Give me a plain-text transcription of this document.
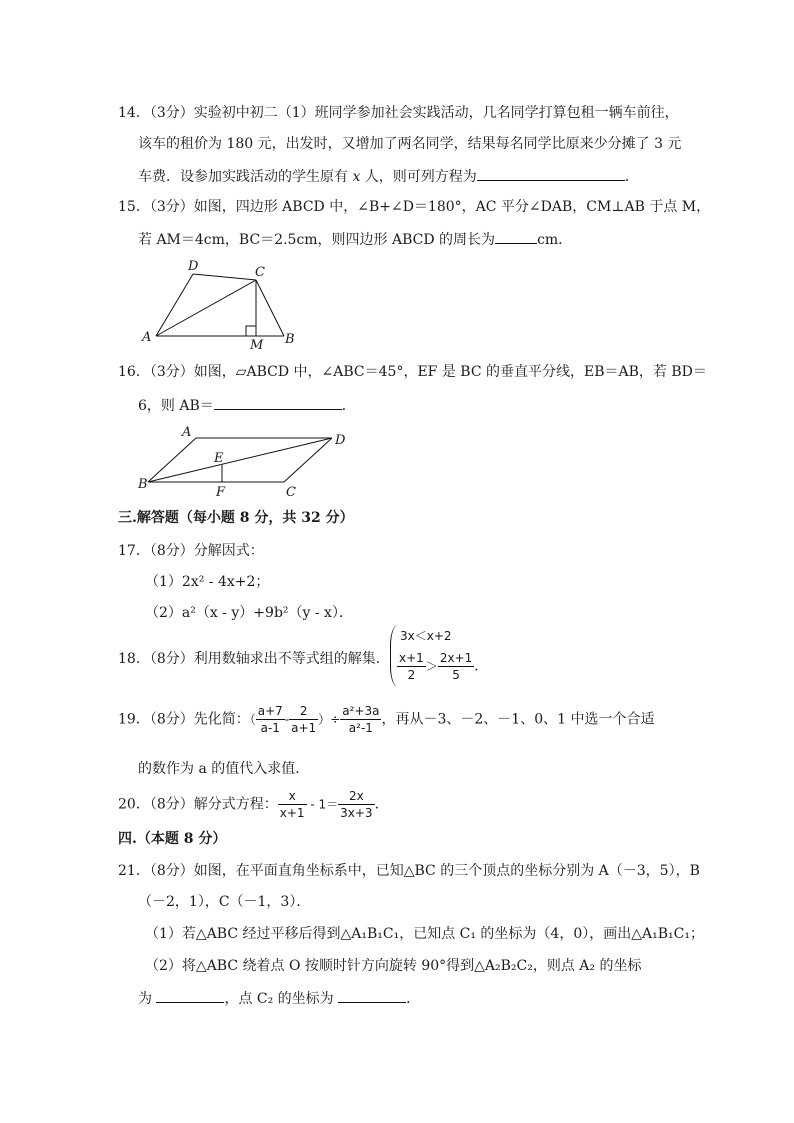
14．（3分）实验初中初二（1）班同学参加社会实践活动，几名同学打算包租一辆车前往，
该车的租价为 180 元，出发时，又增加了两名同学，结果每名同学比原来少分摊了 3 元
车费．设参加实践活动的学生原有 x 人，则可列方程为	．
15．（3分）如图，四边形 ABCD 中，∠B+∠D＝180°，AC 平分∠DAB，CM⊥AB 于点 M，
若 AM＝4cm，BC＝2.5cm，则四边形 ABCD 的周长为	cm．
D	C
A
M B
16．（3分）如图，▱ABCD 中，∠ABC＝45°，EF 是 BC 的垂直平分线，EB＝AB，若 BD＝
6，则 AB＝	．
A
D
E
B
F	C
三.解答题（每小题 8 分，共 32 分）
17．（8分）分解因式：
（1）2x² - 4x+2；
（2）a²（x - y）+9b²（y - x）．
18．（8分）利用数轴求出不等式组的解集．
3x＜x+2
$\frac{x+1}{2} > \frac{2x+1}{5}$ ．
19．（8分）先化简：（ $\frac{a+7}{a-1} - \frac{2}{a+1}$ ）÷ $\frac{\text{a²+3a}}{\text{a²-1}}$ ，再从－3、－2、－1、0、1 中选一个合适
的数作为 a 的值代入求值．
20．（8分）解分式方程： $\frac{x}{x+1} - 1= \frac{2x}{3x+3}$ ．
四.（本题 8 分）
21．（8分）如图，在平面直角坐标系中，已知△BC 的三个顶点的坐标分别为 A（－3，5），B
（－2，1），C（－1，3）．
（1）若△ABC 经过平移后得到△A₁B₁C₁，已知点 C₁ 的坐标为（4，0），画出△A₁B₁C₁；
（2）将△ABC 绕着点 O 按顺时针方向旋转 90°得到△A₂B₂C₂，则点 A₂ 的坐标
为	，点 C₂ 的坐标为	．
